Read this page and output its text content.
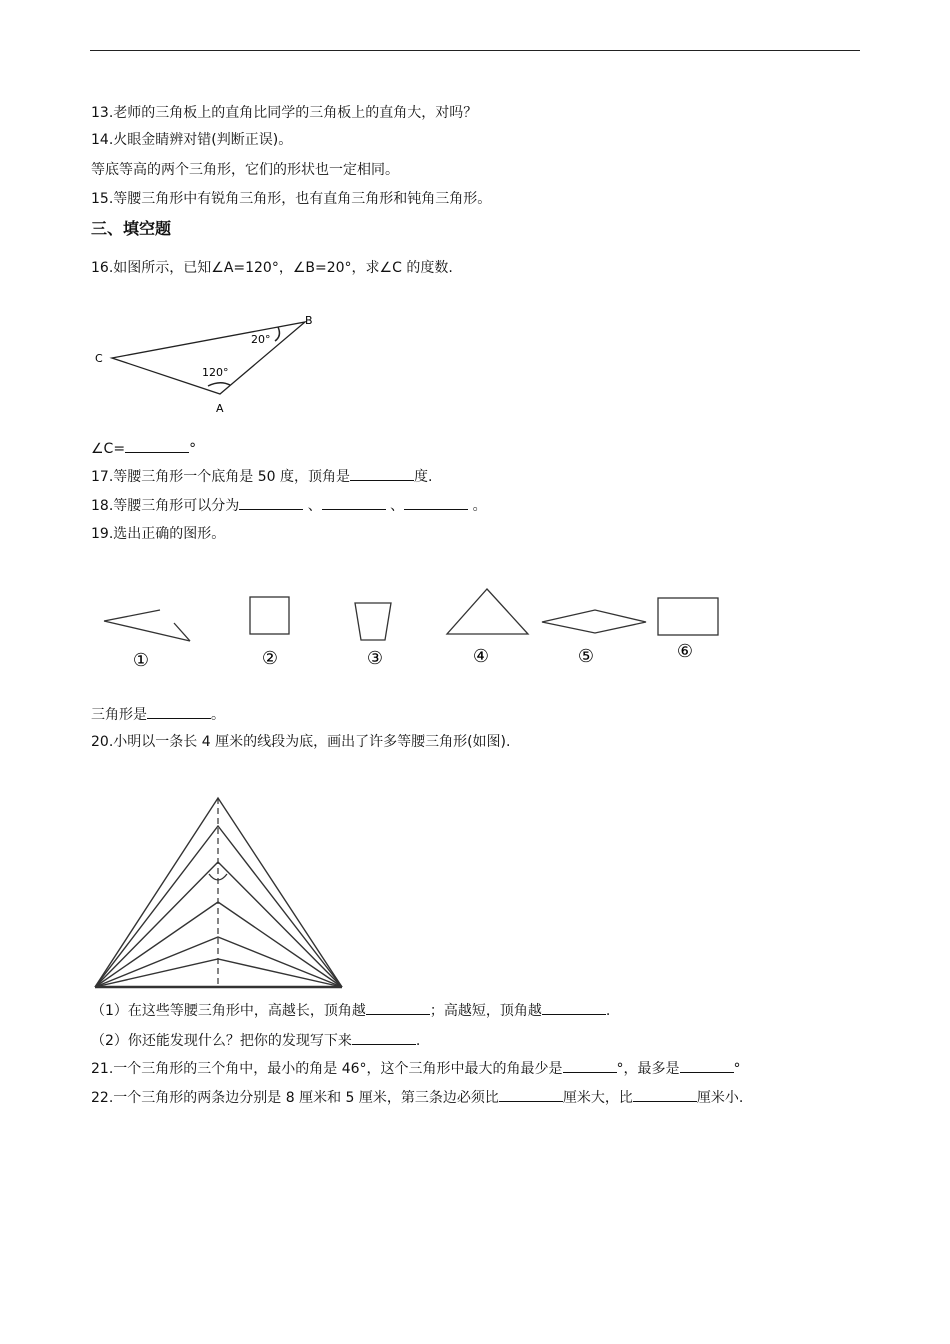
13.老师的三角板上的直角比同学的三角板上的直角大，对吗？
14.火眼金睛辨对错(判断正误)。
等底等高的两个三角形，它们的形状也一定相同。
15.等腰三角形中有锐角三角形，也有直角三角形和钝角三角形。
三、填空题
16.如图所示，已知∠A=120°，∠B=20°，求∠C 的度数.
C
B
A
20°
120°
∠C=	°
17.等腰三角形一个底角是 50 度，顶角是	度.
18.等腰三角形可以分为	、	、	。
19.选出正确的图形。
①	②	③	④	⑤	⑥
三角形是	。
20.小明以一条长 4 厘米的线段为底，画出了许多等腰三角形(如图).
（1）在这些等腰三角形中，高越长，顶角越	；高越短，顶角越	.
（2）你还能发现什么？把你的发现写下来	.
21.一个三角形的三个角中，最小的角是 46°，这个三角形中最大的角最少是	°，最多是	°
22.一个三角形的两条边分别是 8 厘米和 5 厘米，第三条边必须比	厘米大，比	厘米小.
